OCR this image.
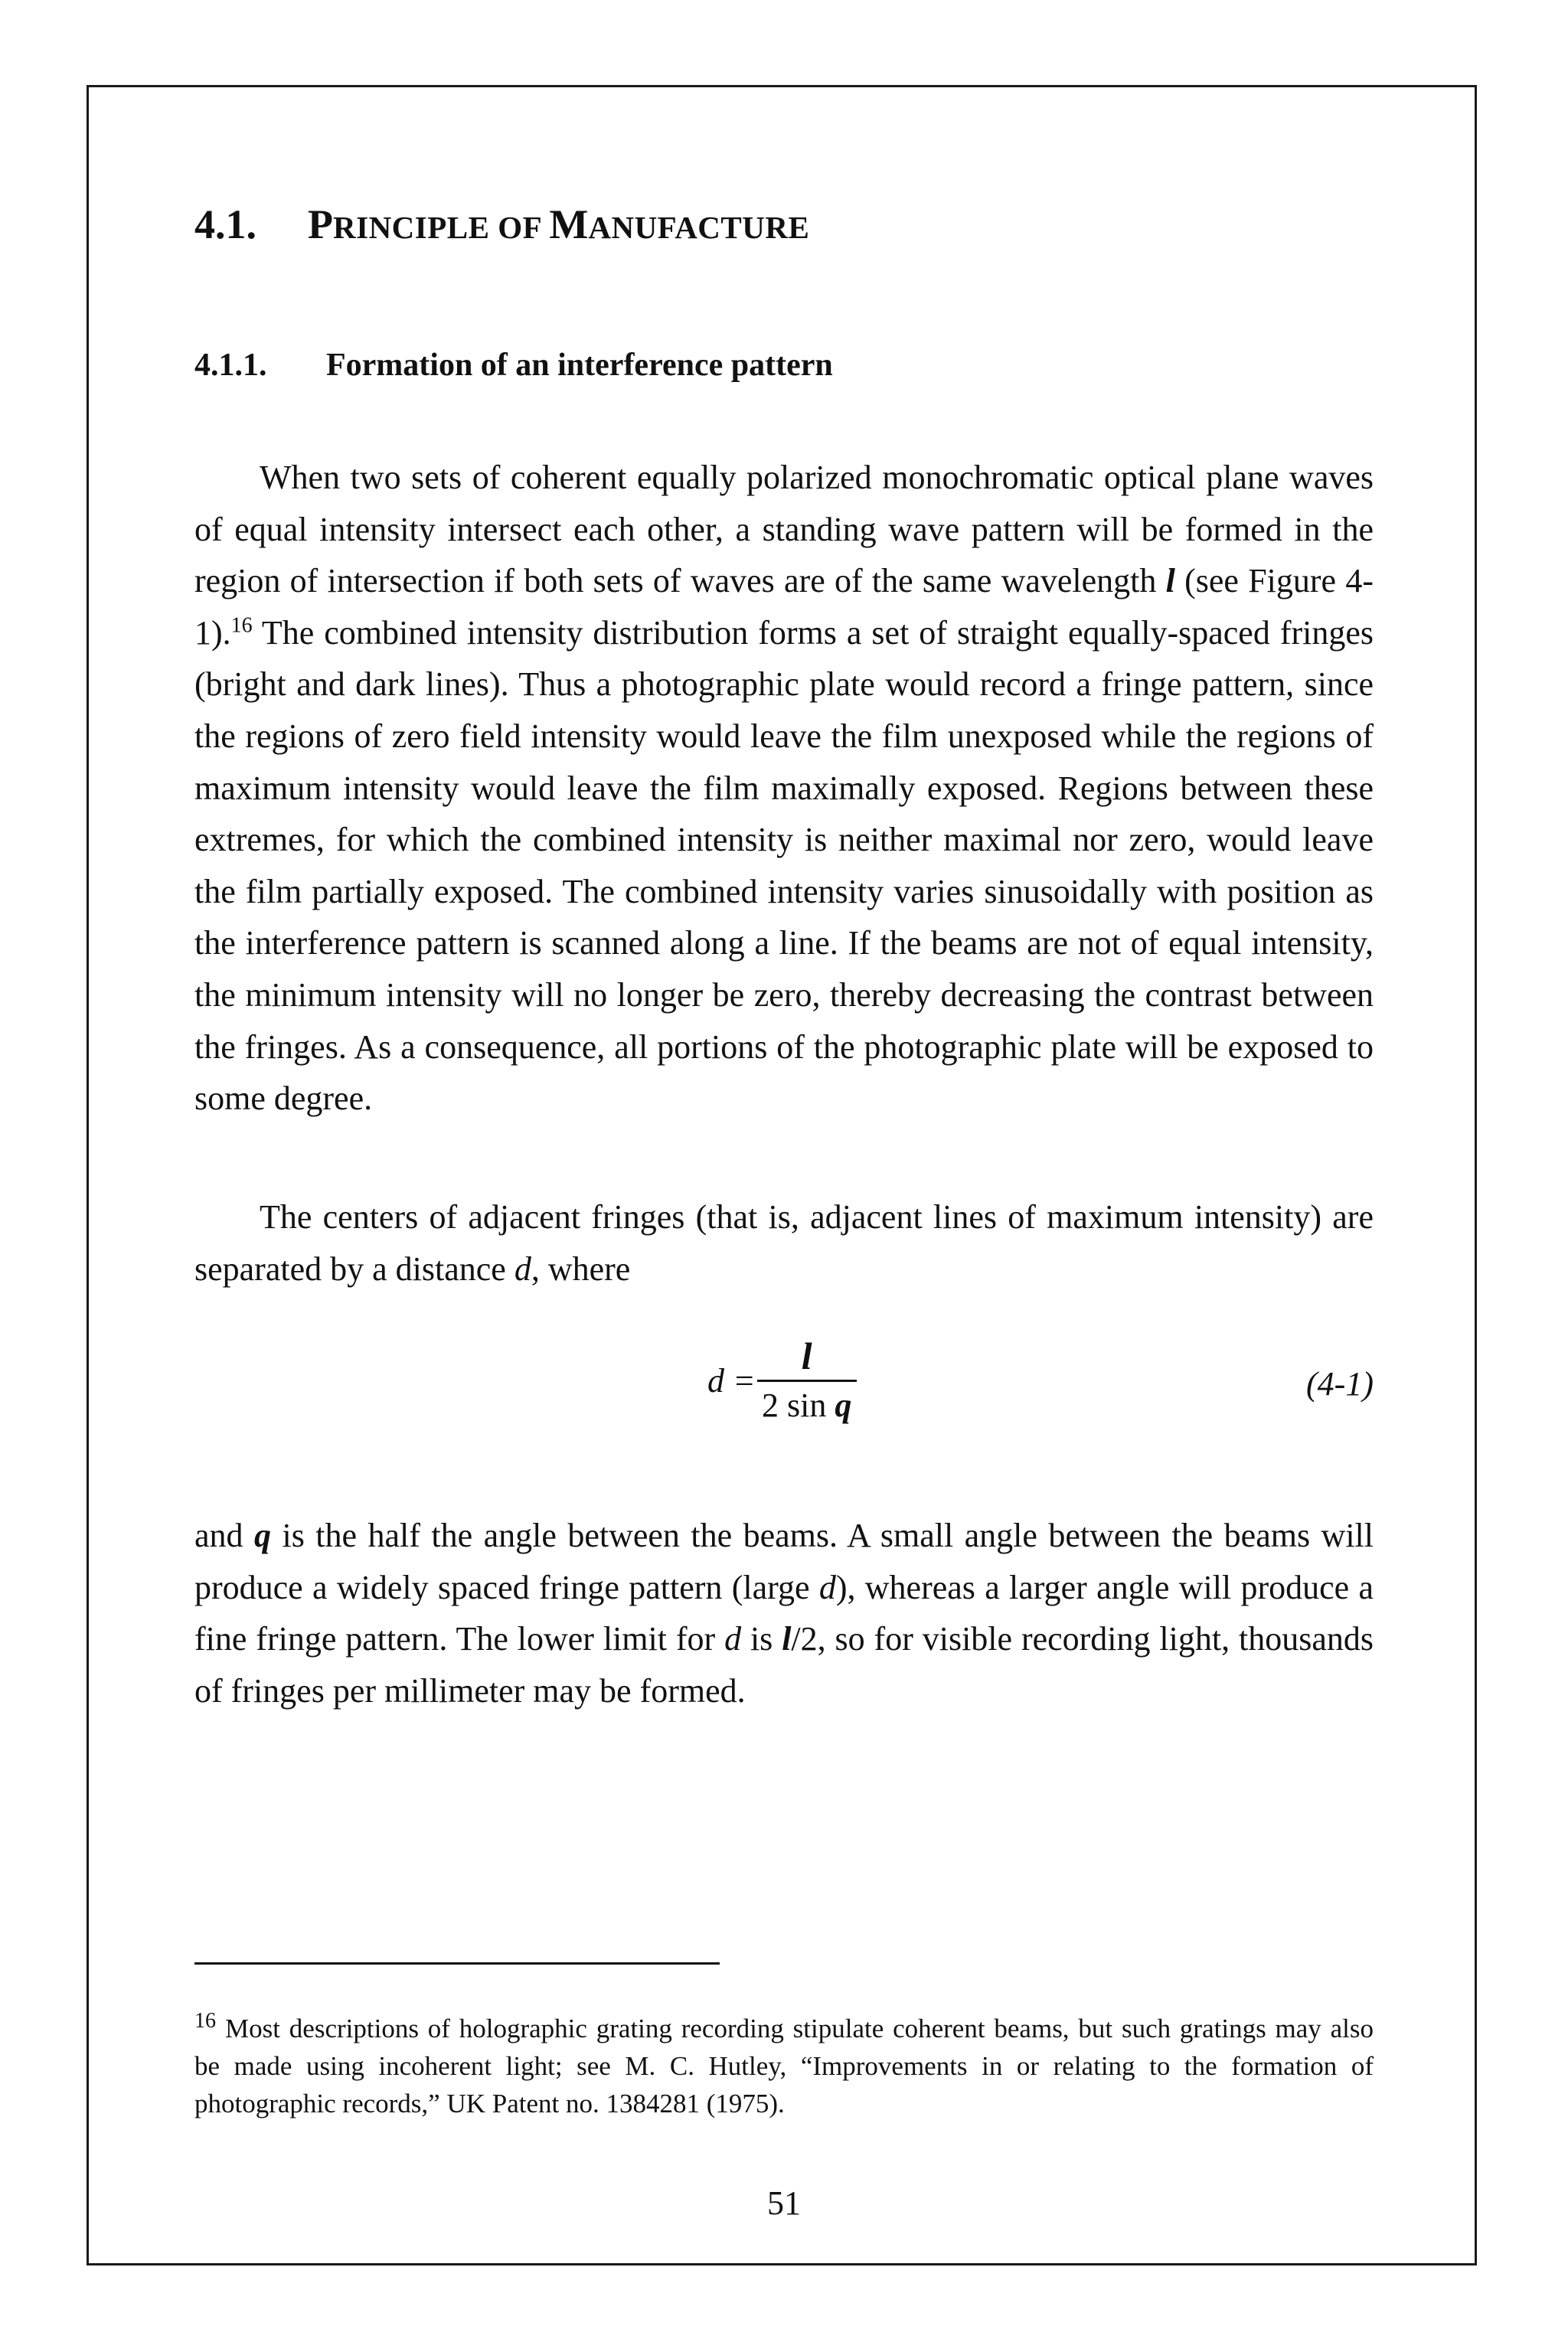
4.1. PRINCIPLE OF MANUFACTURE
4.1.1. Formation of an interference pattern

When two sets of coherent equally polarized monochromatic optical plane waves of equal intensity intersect each other, a standing wave pattern will be formed in the region of intersection if both sets of waves are of the same wavelength l (see Figure 4-1).$^{16}$ The combined intensity distribution forms a set of straight equally-spaced fringes (bright and dark lines). Thus a photographic plate would record a fringe pattern, since the regions of zero field intensity would leave the film unexposed while the regions of maximum intensity would leave the film maximally exposed. Regions between these extremes, for which the combined intensity is neither maximal nor zero, would leave the film partially exposed. The combined intensity varies sinusoidally with position as the interference pattern is scanned along a line. If the beams are not of equal intensity, the minimum intensity will no longer be zero, thereby decreasing the contrast between the fringes. As a consequence, all portions of the photographic plate will be exposed to some degree.

The centers of adjacent fringes (that is, adjacent lines of maximum intensity) are separated by a distance d, where

$d = \frac{l}{\text{2 sin q}}$	(4-1)

and q is the half the angle between the beams. A small angle between the beams will produce a widely spaced fringe pattern (large d), whereas a larger angle will produce a fine fringe pattern. The lower limit for d is l/2, so for visible recording light, thousands of fringes per millimeter may be formed.

$^{16}$ Most descriptions of holographic grating recording stipulate coherent beams, but such gratings may also be made using incoherent light; see M. C. Hutley, “Improvements in or relating to the formation of photographic records,” UK Patent no. 1384281 (1975).

51
